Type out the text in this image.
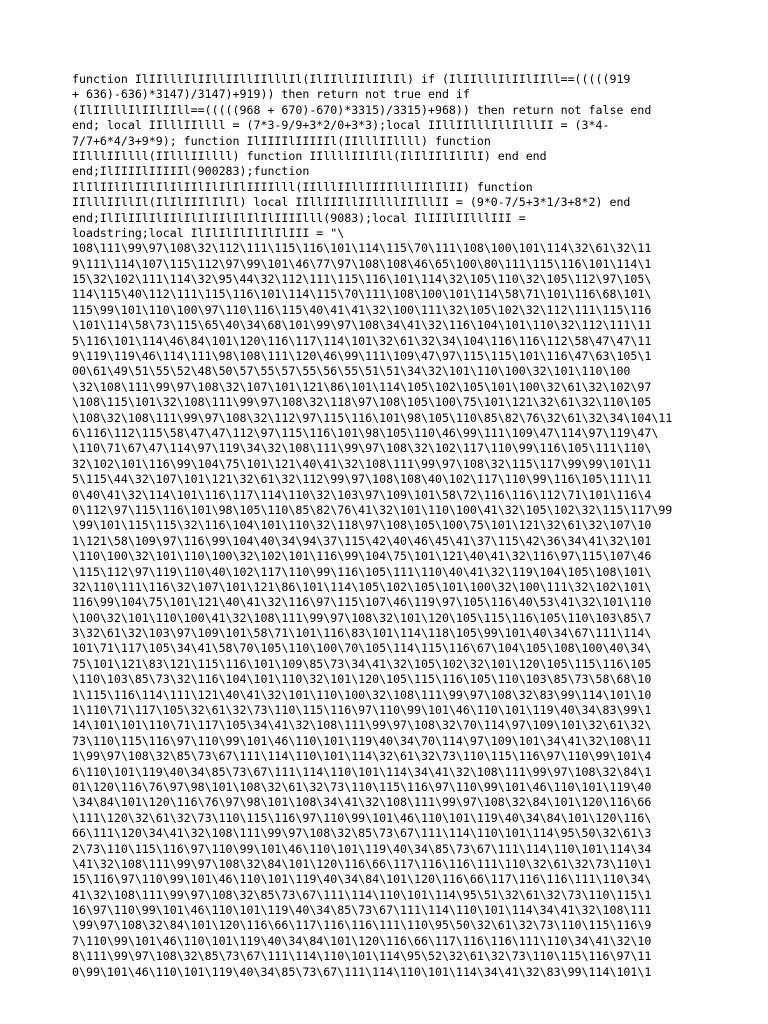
function IlIIlllIlIIllIIllIIlllIl(IlIIllIIlIIlIl) if (IlIIlllIlIIlIIll==(((((919
+ 636)-636)*3147)/3147)+919)) then return not true end if
(IlIIlllIlIIlIIll==(((((968 + 670)-670)*3315)/3315)+968)) then return not false end
end; local IIlllIIllll = (7*3-9/9+3*2/0+3*3);local IIllIIlllIllIlllII = (3*4-
7/7+6*4/3+9*9); function IlIIIIlIIIIIl(IIlllIIllll) function
IIlllIIllll(IIlllIIllll) function IIllllIIlIll(IlIlIIlIlIlI) end end
end;IlIIIIlIIIIIl(900283);function
IlIlIIlIlIIlIlIlIIlIlIlIlIIIIlll(IIlllIIllIIIIlllIIlIlII) function
IIlllIIllIl(IlIlIIIlIlIl) local IIllIIIllIIllllIIlllII = (9*0-7/5+3*1/3+8*2) end
end;IlIlIIlIlIIlIlIlIIlIlIlIlIIIIlll(9083);local IlIIIlIIlllIII =
loadstring;local IlIlIlIlIlIlIlIII = "\
108\111\99\97\108\32\112\111\115\116\101\114\115\70\111\108\100\101\114\32\61\32\11
9\111\114\107\115\112\97\99\101\46\77\97\108\108\46\65\100\80\111\115\116\101\114\1
15\32\102\111\114\32\95\44\32\112\111\115\116\101\114\32\105\110\32\105\112\97\105\
114\115\40\112\111\115\116\101\114\115\70\111\108\100\101\114\58\71\101\116\68\101\
115\99\101\110\100\97\110\116\115\40\41\41\32\100\111\32\105\102\32\112\111\115\116
\101\114\58\73\115\65\40\34\68\101\99\97\108\34\41\32\116\104\101\110\32\112\111\11
5\116\101\114\46\84\101\120\116\117\114\101\32\61\32\34\104\116\116\112\58\47\47\11
9\119\119\46\114\111\98\108\111\120\46\99\111\109\47\97\115\115\101\116\47\63\105\1
00\61\49\51\55\52\48\50\57\55\57\55\56\55\51\51\34\32\101\110\100\32\101\110\100
\32\108\111\99\97\108\32\107\101\121\86\101\114\105\102\105\101\100\32\61\32\102\97
\108\115\101\32\108\111\99\97\108\32\118\97\108\105\100\75\101\121\32\61\32\110\105
\108\32\108\111\99\97\108\32\112\97\115\116\101\98\105\110\85\82\76\32\61\32\34\104\11
6\116\112\115\58\47\47\112\97\115\116\101\98\105\110\46\99\111\109\47\114\97\119\47\
\110\71\67\47\114\97\119\34\32\108\111\99\97\108\32\102\117\110\99\116\105\111\110\
32\102\101\116\99\104\75\101\121\40\41\32\108\111\99\97\108\32\115\117\99\99\101\11
5\115\44\32\107\101\121\32\61\32\112\99\97\108\108\40\102\117\110\99\116\105\111\11
0\40\41\32\114\101\116\117\114\110\32\103\97\109\101\58\72\116\116\112\71\101\116\4
0\112\97\115\116\101\98\105\110\85\82\76\41\32\101\110\100\41\32\105\102\32\115\117\99
\99\101\115\115\32\116\104\101\110\32\118\97\108\105\100\75\101\121\32\61\32\107\10
1\121\58\109\97\116\99\104\40\34\94\37\115\42\40\46\45\41\37\115\42\36\34\41\32\101
\110\100\32\101\110\100\32\102\101\116\99\104\75\101\121\40\41\32\116\97\115\107\46
\115\112\97\119\110\40\102\117\110\99\116\105\111\110\40\41\32\119\104\105\108\101\
32\110\111\116\32\107\101\121\86\101\114\105\102\105\101\100\32\100\111\32\102\101\
116\99\104\75\101\121\40\41\32\116\97\115\107\46\119\97\105\116\40\53\41\32\101\110
\100\32\101\110\100\41\32\108\111\99\97\108\32\101\120\105\115\116\105\110\103\85\7
3\32\61\32\103\97\109\101\58\71\101\116\83\101\114\118\105\99\101\40\34\67\111\114\
101\71\117\105\34\41\58\70\105\110\100\70\105\114\115\116\67\104\105\108\100\40\34\
75\101\121\83\121\115\116\101\109\85\73\34\41\32\105\102\32\101\120\105\115\116\105
\110\103\85\73\32\116\104\101\110\32\101\120\105\115\116\105\110\103\85\73\58\68\10
1\115\116\114\111\121\40\41\32\101\110\100\32\108\111\99\97\108\32\83\99\114\101\10
1\110\71\117\105\32\61\32\73\110\115\116\97\110\99\101\46\110\101\119\40\34\83\99\1
14\101\101\110\71\117\105\34\41\32\108\111\99\97\108\32\70\114\97\109\101\32\61\32\
73\110\115\116\97\110\99\101\46\110\101\119\40\34\70\114\97\109\101\34\41\32\108\11
1\99\97\108\32\85\73\67\111\114\110\101\114\32\61\32\73\110\115\116\97\110\99\101\4
6\110\101\119\40\34\85\73\67\111\114\110\101\114\34\41\32\108\111\99\97\108\32\84\1
01\120\116\76\97\98\101\108\32\61\32\73\110\115\116\97\110\99\101\46\110\101\119\40
\34\84\101\120\116\76\97\98\101\108\34\41\32\108\111\99\97\108\32\84\101\120\116\66
\111\120\32\61\32\73\110\115\116\97\110\99\101\46\110\101\119\40\34\84\101\120\116\
66\111\120\34\41\32\108\111\99\97\108\32\85\73\67\111\114\110\101\114\95\50\32\61\3
2\73\110\115\116\97\110\99\101\46\110\101\119\40\34\85\73\67\111\114\110\101\114\34
\41\32\108\111\99\97\108\32\84\101\120\116\66\117\116\116\111\110\32\61\32\73\110\1
15\116\97\110\99\101\46\110\101\119\40\34\84\101\120\116\66\117\116\116\111\110\34\
41\32\108\111\99\97\108\32\85\73\67\111\114\110\101\114\95\51\32\61\32\73\110\115\1
16\97\110\99\101\46\110\101\119\40\34\85\73\67\111\114\110\101\114\34\41\32\108\111
\99\97\108\32\84\101\120\116\66\117\116\116\111\110\95\50\32\61\32\73\110\115\116\9
7\110\99\101\46\110\101\119\40\34\84\101\120\116\66\117\116\116\111\110\34\41\32\10
8\111\99\97\108\32\85\73\67\111\114\110\101\114\95\52\32\61\32\73\110\115\116\97\11
0\99\101\46\110\101\119\40\34\85\73\67\111\114\110\101\114\34\41\32\83\99\114\101\1
